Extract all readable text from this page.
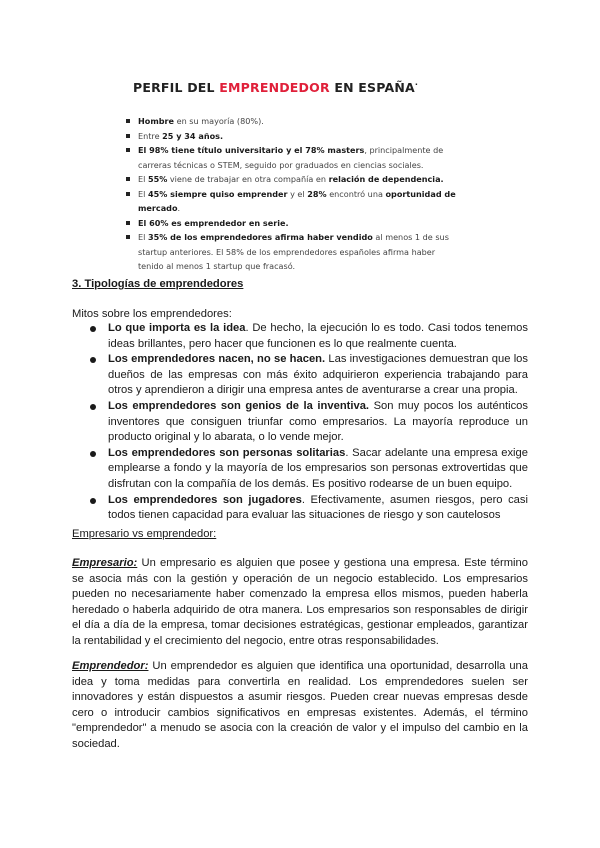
PERFIL DEL EMPRENDEDOR EN ESPAÑA·
Hombre en su mayoría (80%).
Entre 25 y 34 años.
El 98% tiene título universitario y el 78% masters, principalmente de carreras técnicas o STEM, seguido por graduados en ciencias sociales.
El 55% viene de trabajar en otra compañía en relación de dependencia.
El 45% siempre quiso emprender y el 28% encontró una oportunidad de mercado.
El 60% es emprendedor en serie.
El 35% de los emprendedores afirma haber vendido al menos 1 de sus startup anteriores. El 58% de los emprendedores españoles afirma haber tenido al menos 1 startup que fracasó.
3. Tipologías de emprendedores
Mitos sobre los emprendedores:
Lo que importa es la idea. De hecho, la ejecución lo es todo. Casi todos tenemos ideas brillantes, pero hacer que funcionen es lo que realmente cuenta.
Los emprendedores nacen, no se hacen. Las investigaciones demuestran que los dueños de las empresas con más éxito adquirieron experiencia trabajando para otros y aprendieron a dirigir una empresa antes de aventurarse a crear una propia.
Los emprendedores son genios de la inventiva. Son muy pocos los auténticos inventores que consiguen triunfar como empresarios. La mayoría reproduce un producto original y lo abarata, o lo vende mejor.
Los emprendedores son personas solitarias. Sacar adelante una empresa exige emplearse a fondo y la mayoría de los empresarios son personas extrovertidas que disfrutan con la compañía de los demás. Es positivo rodearse de un buen equipo.
Los emprendedores son jugadores. Efectivamente, asumen riesgos, pero casi todos tienen capacidad para evaluar las situaciones de riesgo y son cautelosos
Empresario vs emprendedor:
Empresario: Un empresario es alguien que posee y gestiona una empresa. Este término se asocia más con la gestión y operación de un negocio establecido. Los empresarios pueden no necesariamente haber comenzado la empresa ellos mismos, pueden haberla heredado o haberla adquirido de otra manera. Los empresarios son responsables de dirigir el día a día de la empresa, tomar decisiones estratégicas, gestionar empleados, garantizar la rentabilidad y el crecimiento del negocio, entre otras responsabilidades.
Emprendedor: Un emprendedor es alguien que identifica una oportunidad, desarrolla una idea y toma medidas para convertirla en realidad. Los emprendedores suelen ser innovadores y están dispuestos a asumir riesgos. Pueden crear nuevas empresas desde cero o introducir cambios significativos en empresas existentes. Además, el término "emprendedor" a menudo se asocia con la creación de valor y el impulso del cambio en la sociedad.
